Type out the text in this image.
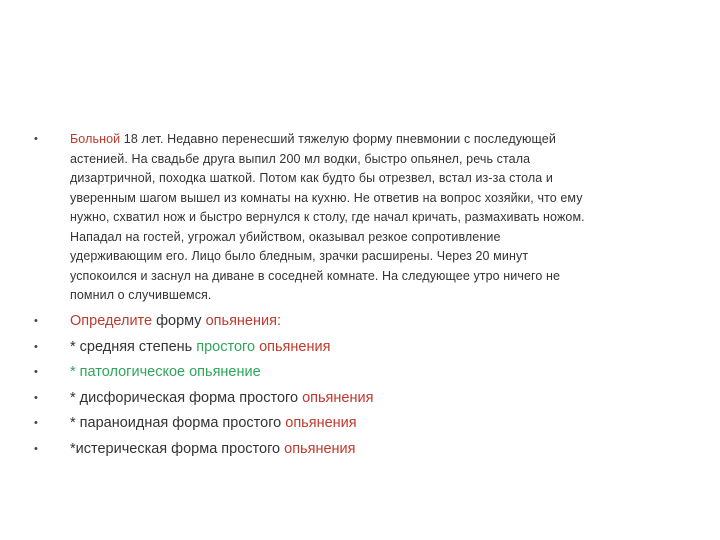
•	Больной 18 лет. Недавно перенесший тяжелую форму пневмонии с последующей
астенией. На свадьбе друга выпил 200 мл водки, быстро опьянел, речь стала
дизартричной, походка шаткой. Потом как будто бы отрезвел, встал из-за стола и
уверенным шагом вышел из комнаты на кухню. Не ответив на вопрос хозяйки, что ему
нужно, схватил нож и быстро вернулся к столу, где начал кричать, размахивать ножом.
Нападал на гостей, угрожал убийством, оказывал резкое сопротивление
удерживающим его. Лицо было бледным, зрачки расширены. Через 20 минут
успокоился и заснул на диване в соседней комнате. На следующее утро ничего не
помнил о случившемся.
•	Определите форму опьянения:
•	* средняя степень простого опьянения
•	* патологическое опьянение
•	* дисфорическая форма простого опьянения
•	* параноидная форма простого опьянения
•	*истерическая форма простого опьянения
